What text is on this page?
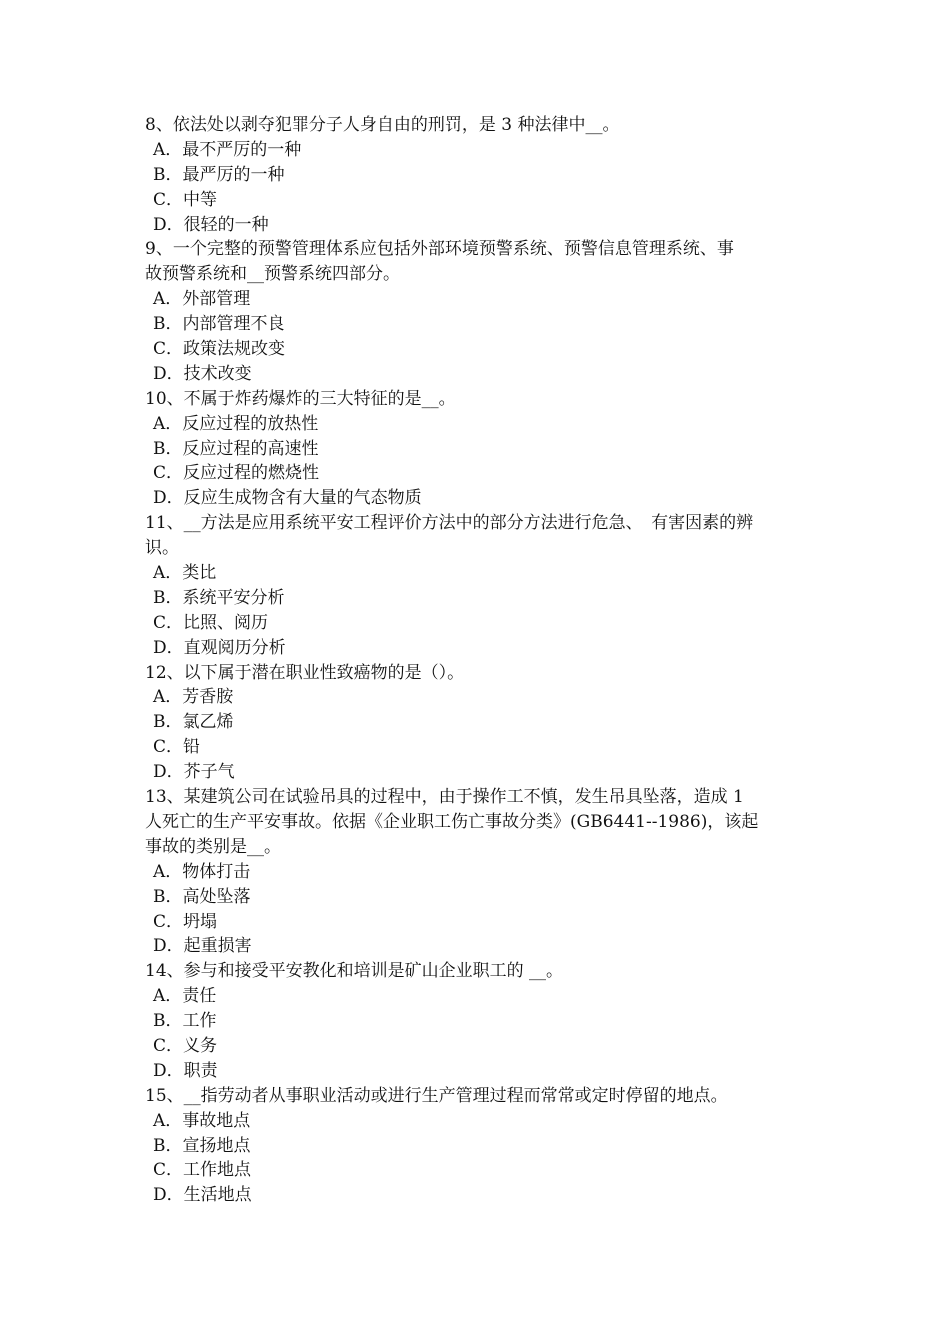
8、依法处以剥夺犯罪分子人身自由的刑罚，是 3 种法律中__。
A．最不严厉的一种
B．最严厉的一种
C．中等
D．很轻的一种
9、一个完整的预警管理体系应包括外部环境预警系统、预警信息管理系统、事
故预警系统和__预警系统四部分。
A．外部管理
B．内部管理不良
C．政策法规改变
D．技术改变
10、不属于炸药爆炸的三大特征的是__。
A．反应过程的放热性
B．反应过程的高速性
C．反应过程的燃烧性
D．反应生成物含有大量的气态物质
11、__方法是应用系统平安工程评价方法中的部分方法进行危急、　有害因素的辨
识。
A．类比
B．系统平安分析
C．比照、阅历
D．直观阅历分析
12、以下属于潜在职业性致癌物的是（）。
A．芳香胺
B．氯乙烯
C．铅
D．芥子气
13、某建筑公司在试验吊具的过程中，由于操作工不慎，发生吊具坠落，造成 1
人死亡的生产平安事故。依据《企业职工伤亡事故分类》(GB6441--1986)，该起
事故的类别是__。
A．物体打击
B．高处坠落
C．坍塌
D．起重损害
14、参与和接受平安教化和培训是矿山企业职工的 __。
A．责任
B．工作
C．义务
D．职责
15、__指劳动者从事职业活动或进行生产管理过程而常常或定时停留的地点。
A．事故地点
B．宣扬地点
C．工作地点
D．生活地点
